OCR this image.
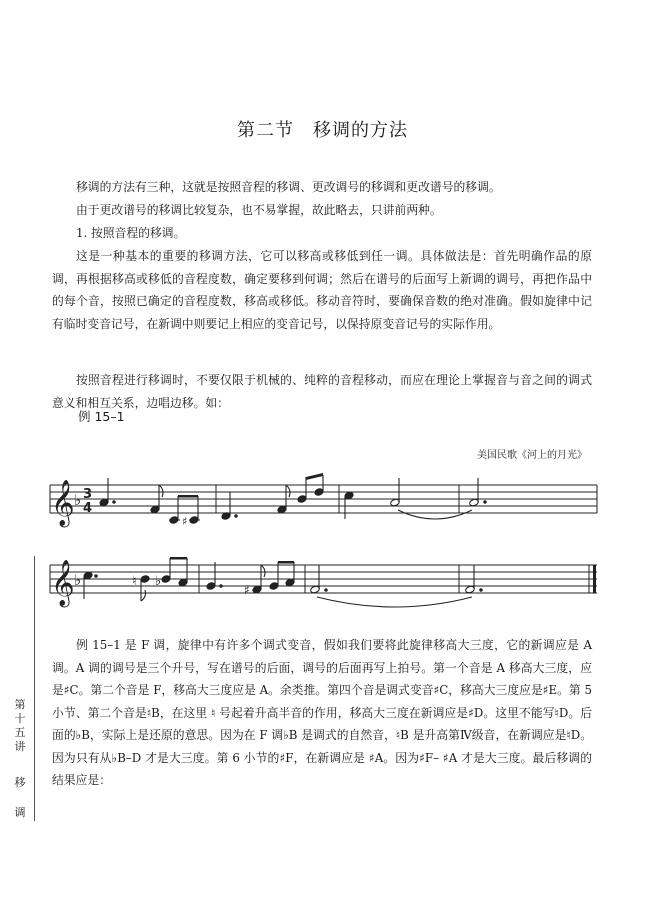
第二节　移调的方法

移调的方法有三种，这就是按照音程的移调、更改调号的移调和更改谱号的移调。

由于更改谱号的移调比较复杂，也不易掌握，故此略去，只讲前两种。

1. 按照音程的移调。

这是一种基本的重要的移调方法，它可以移高或移低到任一调。具体做法是：首先明确作品的原调，再根据移高或移低的音程度数，确定要移到何调；然后在谱号的后面写上新调的调号，再把作品中的每个音，按照已确定的音程度数，移高或移低。移动音符时，要确保音数的绝对准确。假如旋律中记有临时变音记号，在新调中则要记上相应的变音记号，以保持原变音记号的实际作用。

按照音程进行移调时，不要仅限于机械的、纯粹的音程移动，而应在理论上掌握音与音之间的调式意义和相互关系，边唱边移。如：

例 15–1
美国民歌《河上的月光》
𝄞 ♭ 3
4
𝄞 ♭
♯
♮ ♭
♯

例 15–1 是 F 调，旋律中有许多个调式变音，假如我们要将此旋律移高大三度，它的新调应是 A 调。A 调的调号是三个升号，写在谱号的后面，调号的后面再写上拍号。第一个音是 A 移高大三度，应是♯C。第二个音是 F，移高大三度应是 A。余类推。第四个音是调式变音♯C，移高大三度应是♯E。第 5 小节、第二个音是♮B，在这里 ♮ 号起着升高半音的作用，移高大三度在新调应是♯D。这里不能写♮D。后面的♭B，实际上是还原的意思。因为在 F 调♭B 是调式的自然音，♮B 是升高第Ⅳ级音，在新调应是♮D。因为只有从♭B–D 才是大三度。第 6 小节的♯F，在新调应是 ♯A。因为♯F– ♯A 才是大三度。最后移调的结果应是：

第十五讲
移调
